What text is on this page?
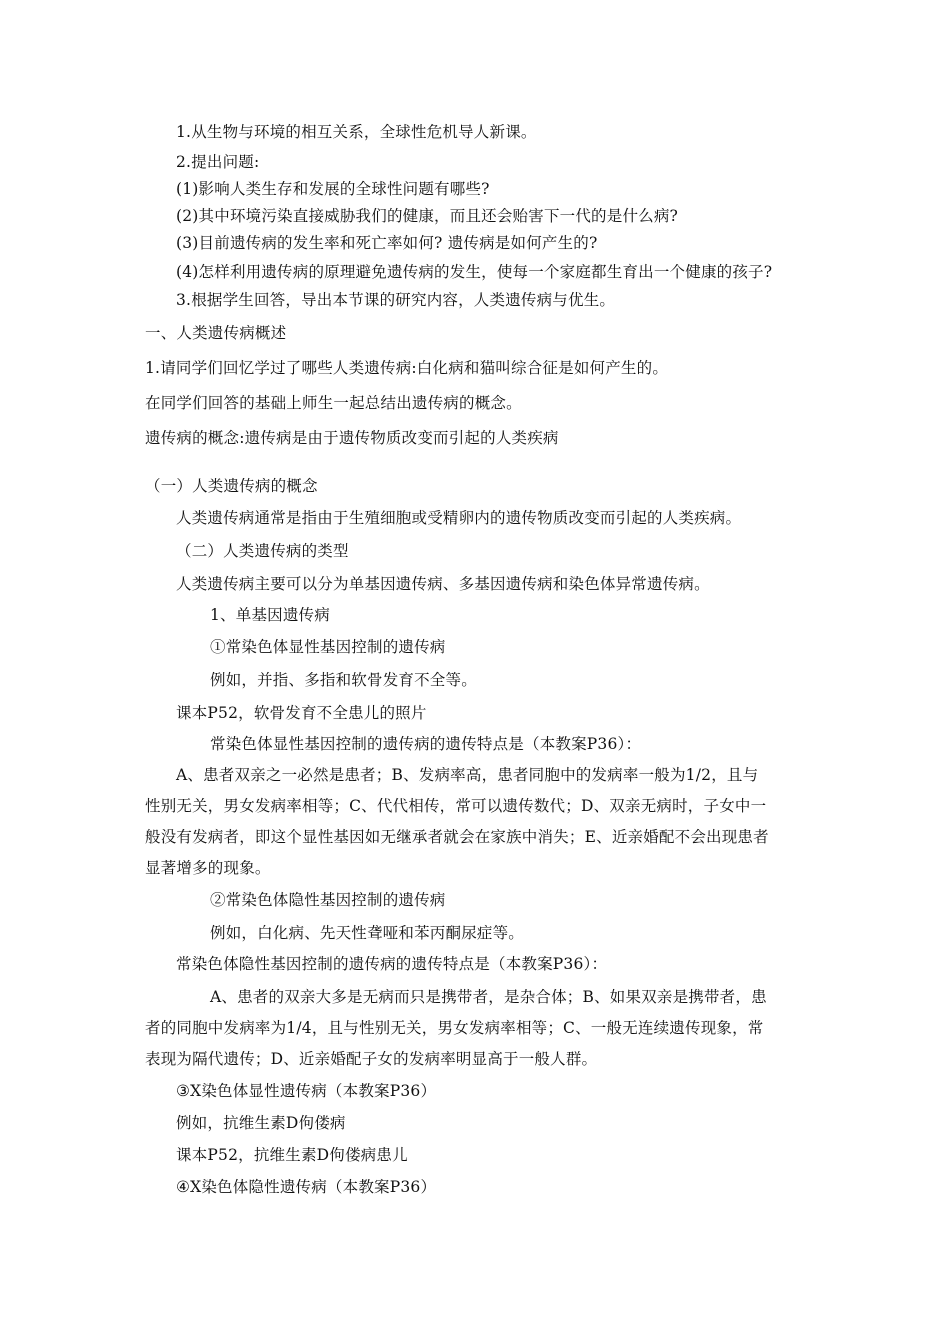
1.从生物与环境的相互关系，全球性危机导人新课。
2.提出问题:
(1)影响人类生存和发展的全球性问题有哪些?
(2)其中环境污染直接威胁我们的健康，而且还会贻害下一代的是什么病?
(3)目前遗传病的发生率和死亡率如何? 遗传病是如何产生的?
(4)怎样利用遗传病的原理避免遗传病的发生，使每一个家庭都生育出一个健康的孩子?
3.根据学生回答，导出本节课的研究内容，人类遗传病与优生。
一、人类遗传病概述
1.请同学们回忆学过了哪些人类遗传病:白化病和猫叫综合征是如何产生的。
在同学们回答的基础上师生一起总结出遗传病的概念。
遗传病的概念:遗传病是由于遗传物质改变而引起的人类疾病
（一）人类遗传病的概念
人类遗传病通常是指由于生殖细胞或受精卵内的遗传物质改变而引起的人类疾病。
（二）人类遗传病的类型
人类遗传病主要可以分为单基因遗传病、多基因遗传病和染色体异常遗传病。
1、单基因遗传病
①常染色体显性基因控制的遗传病
例如，并指、多指和软骨发育不全等。
课本P52，软骨发育不全患儿的照片
常染色体显性基因控制的遗传病的遗传特点是（本教案P36）：
A、患者双亲之一必然是患者；B、发病率高，患者同胞中的发病率一般为1/2，且与
性别无关，男女发病率相等；C、代代相传，常可以遗传数代；D、双亲无病时，子女中一
般没有发病者，即这个显性基因如无继承者就会在家族中消失；E、近亲婚配不会出现患者
显著增多的现象。
②常染色体隐性基因控制的遗传病
例如，白化病、先天性聋哑和苯丙酮尿症等。
常染色体隐性基因控制的遗传病的遗传特点是（本教案P36）：
A、患者的双亲大多是无病而只是携带者，是杂合体；B、如果双亲是携带者，患
者的同胞中发病率为1/4，且与性别无关，男女发病率相等；C、一般无连续遗传现象，常
表现为隔代遗传；D、近亲婚配子女的发病率明显高于一般人群。
③X染色体显性遗传病（本教案P36）
例如，抗维生素D佝偻病
课本P52，抗维生素D佝偻病患儿
④X染色体隐性遗传病（本教案P36）
